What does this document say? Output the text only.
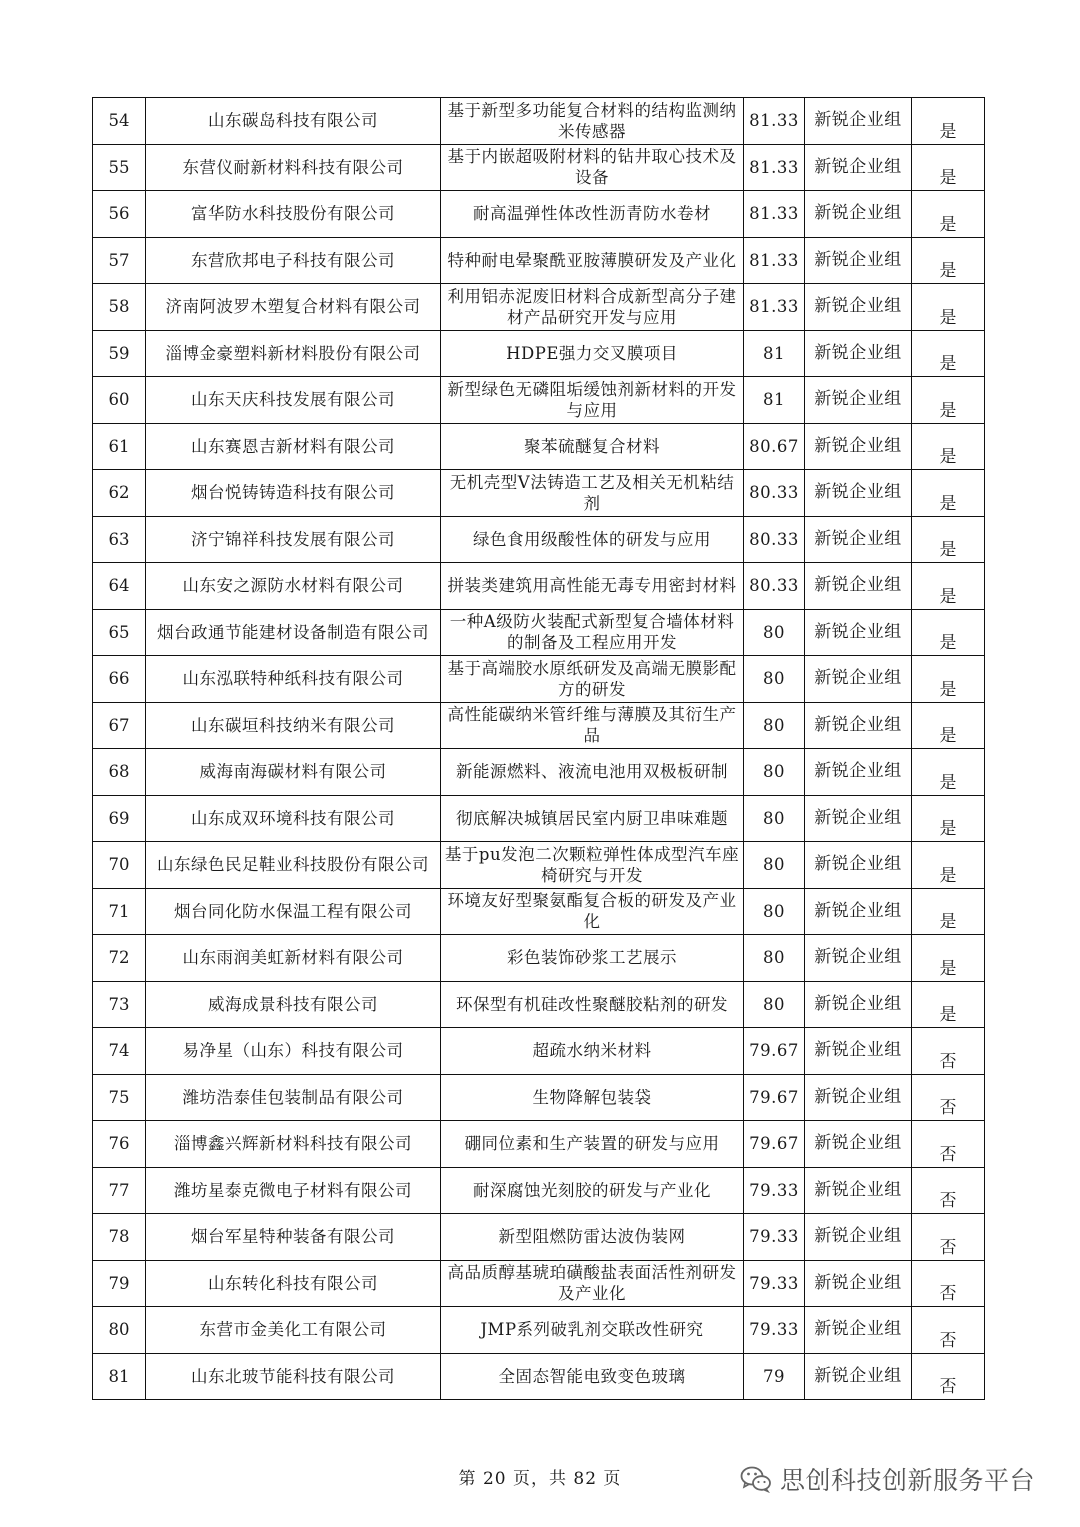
54	山东碳岛科技有限公司	基于新型多功能复合材料的结构监测纳米传感器	81.33	新锐企业组	是
55	东营仪耐新材料科技有限公司	基于内嵌超吸附材料的钻井取心技术及设备	81.33	新锐企业组	是
56	富华防水科技股份有限公司	耐高温弹性体改性沥青防水卷材	81.33	新锐企业组	是
57	东营欣邦电子科技有限公司	特种耐电晕聚酰亚胺薄膜研发及产业化	81.33	新锐企业组	是
58	济南阿波罗木塑复合材料有限公司	利用铝赤泥废旧材料合成新型高分子建材产品研究开发与应用	81.33	新锐企业组	是
59	淄博金豪塑料新材料股份有限公司	HDPE强力交叉膜项目	81	新锐企业组	是
60	山东天庆科技发展有限公司	新型绿色无磷阻垢缓蚀剂新材料的开发与应用	81	新锐企业组	是
61	山东赛恩吉新材料有限公司	聚苯硫醚复合材料	80.67	新锐企业组	是
62	烟台悦铸铸造科技有限公司	无机壳型V法铸造工艺及相关无机粘结剂	80.33	新锐企业组	是
63	济宁锦祥科技发展有限公司	绿色食用级酸性体的研发与应用	80.33	新锐企业组	是
64	山东安之源防水材料有限公司	拼装类建筑用高性能无毒专用密封材料	80.33	新锐企业组	是
65	烟台政通节能建材设备制造有限公司	一种A级防火装配式新型复合墙体材料的制备及工程应用开发	80	新锐企业组	是
66	山东泓联特种纸科技有限公司	基于高端胶水原纸研发及高端无膜影配方的研发	80	新锐企业组	是
67	山东碳垣科技纳米有限公司	高性能碳纳米管纤维与薄膜及其衍生产品	80	新锐企业组	是
68	威海南海碳材料有限公司	新能源燃料、液流电池用双极板研制	80	新锐企业组	是
69	山东成双环境科技有限公司	彻底解决城镇居民室内厨卫串味难题	80	新锐企业组	是
70	山东绿色民足鞋业科技股份有限公司	基于pu发泡二次颗粒弹性体成型汽车座椅研究与开发	80	新锐企业组	是
71	烟台同化防水保温工程有限公司	环境友好型聚氨酯复合板的研发及产业化	80	新锐企业组	是
72	山东雨润美虹新材料有限公司	彩色装饰砂浆工艺展示	80	新锐企业组	是
73	威海成景科技有限公司	环保型有机硅改性聚醚胶粘剂的研发	80	新锐企业组	是
74	易净星（山东）科技有限公司	超疏水纳米材料	79.67	新锐企业组	否
75	潍坊浩泰佳包装制品有限公司	生物降解包装袋	79.67	新锐企业组	否
76	淄博鑫兴辉新材料科技有限公司	硼同位素和生产装置的研发与应用	79.67	新锐企业组	否
77	潍坊星泰克微电子材料有限公司	耐深腐蚀光刻胶的研发与产业化	79.33	新锐企业组	否
78	烟台军星特种装备有限公司	新型阻燃防雷达波伪装网	79.33	新锐企业组	否
79	山东转化科技有限公司	高品质醇基琥珀磺酸盐表面活性剂研发及产业化	79.33	新锐企业组	否
80	东营市金美化工有限公司	JMP系列破乳剂交联改性研究	79.33	新锐企业组	否
81	山东北玻节能科技有限公司	全固态智能电致变色玻璃	79	新锐企业组	否
第 20 页，共 82 页	思创科技创新服务平台
